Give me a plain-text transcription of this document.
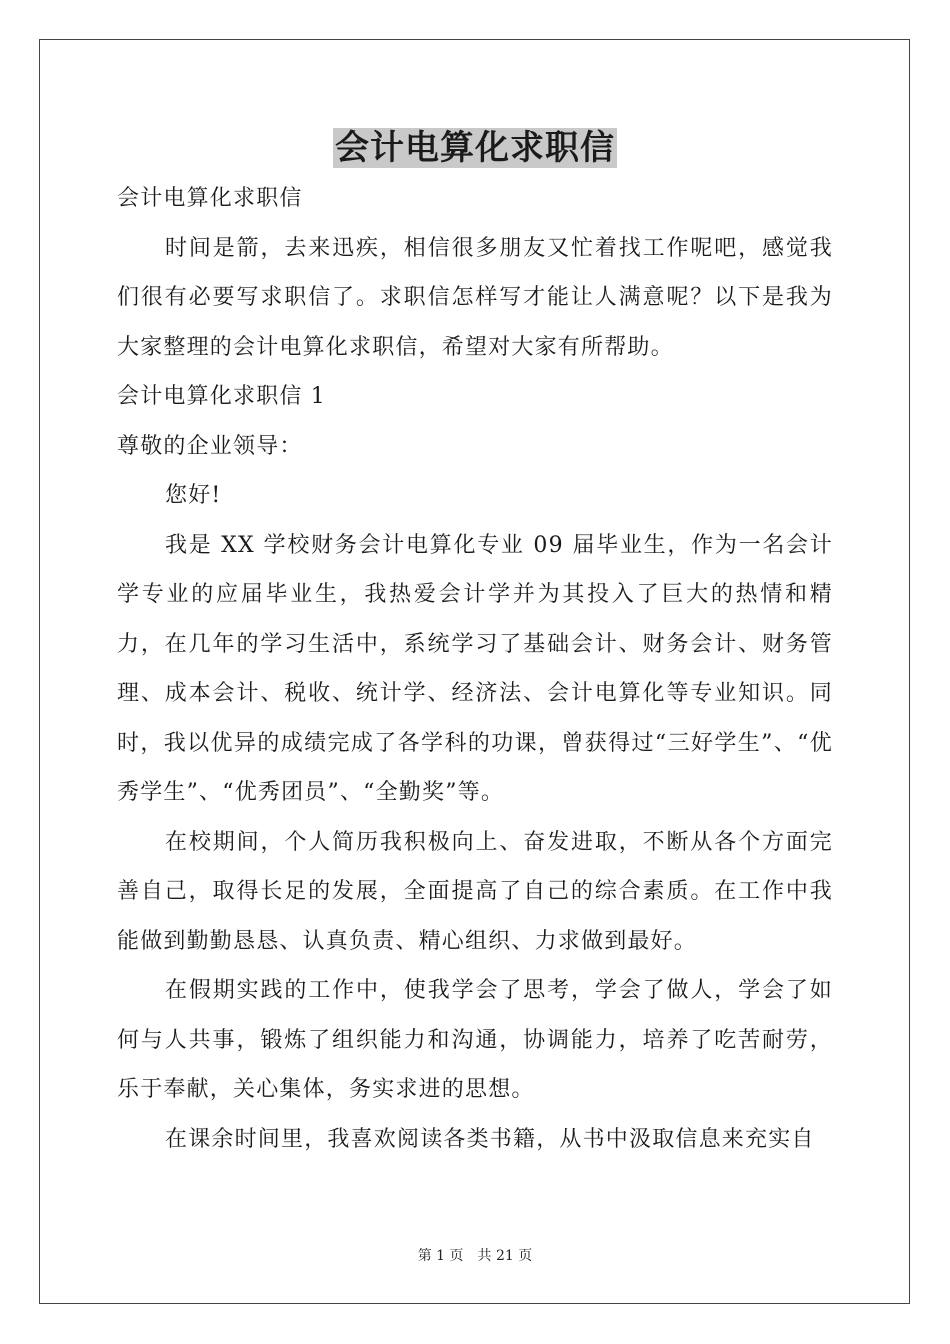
会计电算化求职信

会计电算化求职信

时间是箭，去来迅疾，相信很多朋友又忙着找工作呢吧，感觉我们很有必要写求职信了。求职信怎样写才能让人满意呢？以下是我为大家整理的会计电算化求职信，希望对大家有所帮助。

会计电算化求职信 1

尊敬的企业领导：

您好!

我是 XX 学校财务会计电算化专业 09 届毕业生，作为一名会计学专业的应届毕业生，我热爱会计学并为其投入了巨大的热情和精力，在几年的学习生活中，系统学习了基础会计、财务会计、财务管理、成本会计、税收、统计学、经济法、会计电算化等专业知识。同时，我以优异的成绩完成了各学科的功课，曾获得过“三好学生”、“优秀学生”、“优秀团员”、“全勤奖”等。

在校期间，个人简历我积极向上、奋发进取，不断从各个方面完善自己，取得长足的发展，全面提高了自己的综合素质。在工作中我能做到勤勤恳恳、认真负责、精心组织、力求做到最好。

在假期实践的工作中，使我学会了思考，学会了做人，学会了如何与人共事，锻炼了组织能力和沟通，协调能力，培养了吃苦耐劳，乐于奉献，关心集体，务实求进的思想。

在课余时间里，我喜欢阅读各类书籍，从书中汲取信息来充实自

第 1 页　共 21 页
